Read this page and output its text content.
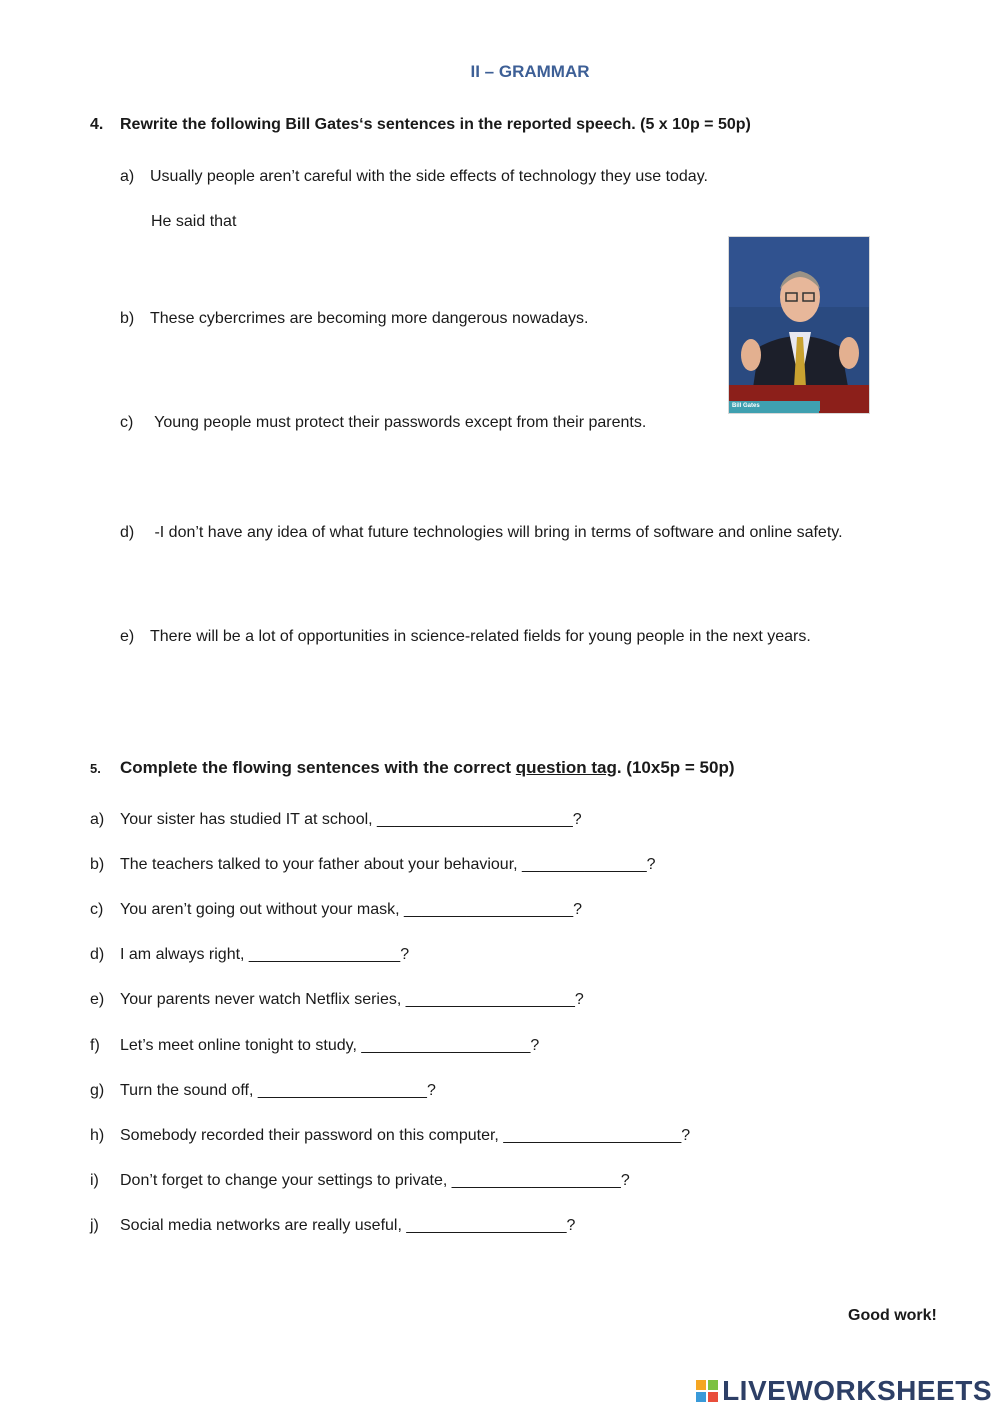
II – GRAMMAR
4. Rewrite the following Bill Gates‘s sentences in the reported speech. (5 x 10p = 50p)
a) Usually people aren’t careful with the side effects of technology they use today.
He said that
b) These cybercrimes are becoming more dangerous nowadays.
c) Young people must protect their passwords except from their parents.
d) -I don’t have any idea of what future technologies will bring in terms of software and online safety.
e) There will be a lot of opportunities in science-related fields for young people in the next years.
Bill Gates
5. Complete the flowing sentences with the correct question tag. (10x5p = 50p)
a) Your sister has studied IT at school, ______________________?
b) The teachers talked to your father about your behaviour, ______________?
c) You aren’t going out without your mask, ___________________?
d) I am always right, _________________?
e) Your parents never watch Netflix series, ___________________?
f) Let’s meet online tonight to study, ___________________?
g) Turn the sound off, ___________________?
h) Somebody recorded their password on this computer, ____________________?
i) Don’t forget to change your settings to private, ___________________?
j) Social media networks are really useful, __________________?
Good work!
LIVEWORKSHEETS
